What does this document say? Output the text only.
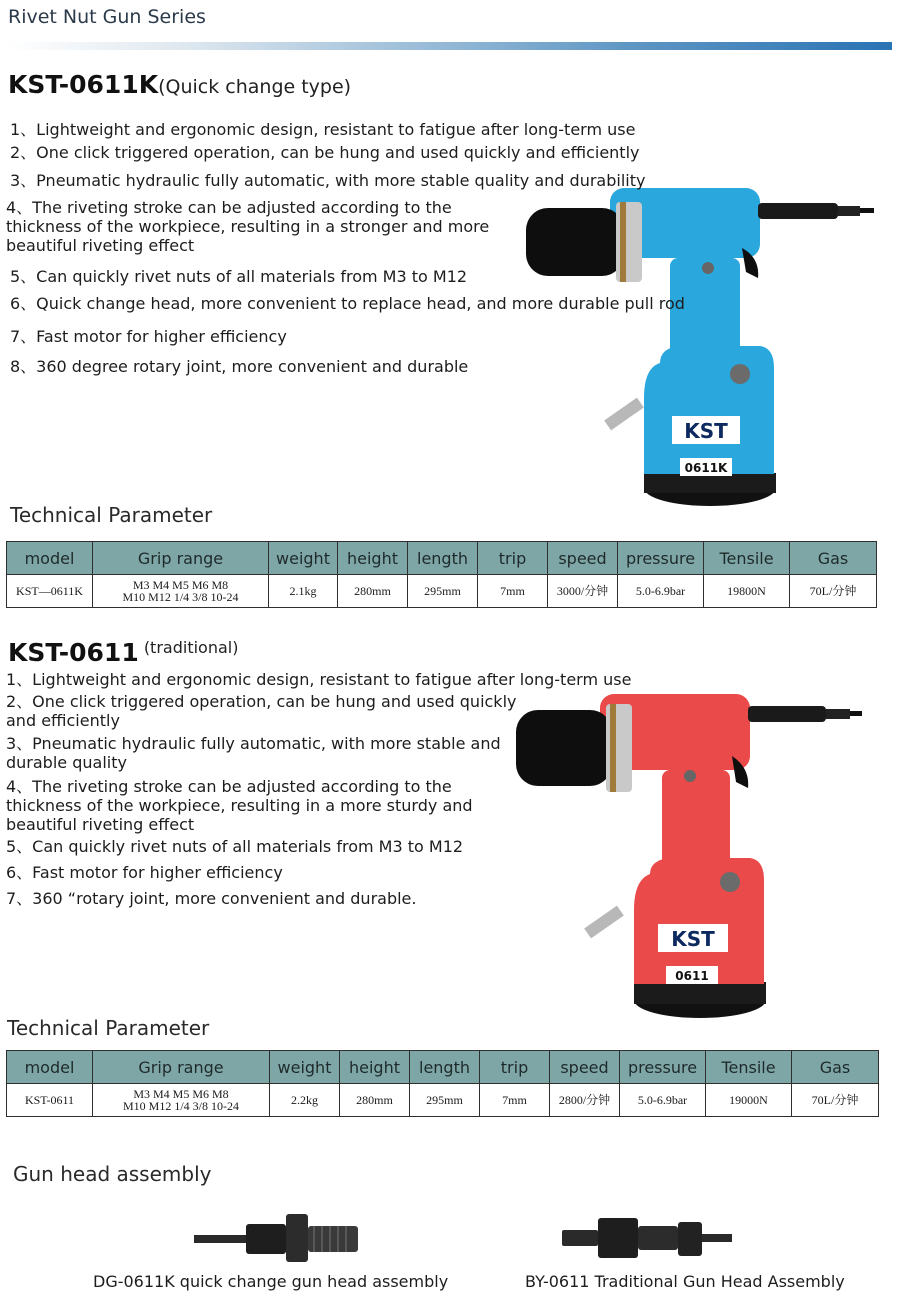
Rivet Nut Gun Series
KST-0611K(Quick change type)
KST
0611K
1、Lightweight and ergonomic design, resistant to fatigue after long-term use
2、One click triggered operation, can be hung and used quickly and efficiently
3、Pneumatic hydraulic fully automatic, with more stable quality and durability
4、The riveting stroke can be adjusted according to the
thickness of the workpiece, resulting in a stronger and more
beautiful riveting effect
5、Can quickly rivet nuts of all materials from M3 to M12
6、Quick change head, more convenient to replace head, and more durable pull rod
7、Fast motor for higher efficiency
8、360 degree rotary joint, more convenient and durable
Technical Parameter
model	Grip range	weight	height	length	trip	speed	pressure	Tensile	Gas
KST—0611K	M3 M4 M5 M6 M8
M10 M12 1/4 3/8 10-24	2.1kg	280mm	295mm	7mm	3000/分钟	5.0-6.9bar	19800N	70L/分钟
KST-0611 (traditional)
KST
0611
1、Lightweight and ergonomic design, resistant to fatigue after long-term use
2、One click triggered operation, can be hung and used quickly
and efficiently
3、Pneumatic hydraulic fully automatic, with more stable and
durable quality
4、The riveting stroke can be adjusted according to the
thickness of the workpiece, resulting in a more sturdy and
beautiful riveting effect
5、Can quickly rivet nuts of all materials from M3 to M12
6、Fast motor for higher efficiency
7、360 “rotary joint, more convenient and durable.
Technical Parameter
model	Grip range	weight	height	length	trip	speed	pressure	Tensile	Gas
KST-0611	M3 M4 M5 M6 M8
M10 M12 1/4 3/8 10-24	2.2kg	280mm	295mm	7mm	2800/分钟	5.0-6.9bar	19000N	70L/分钟
Gun head assembly
DG-0611K quick change gun head assembly	BY-0611 Traditional Gun Head Assembly
